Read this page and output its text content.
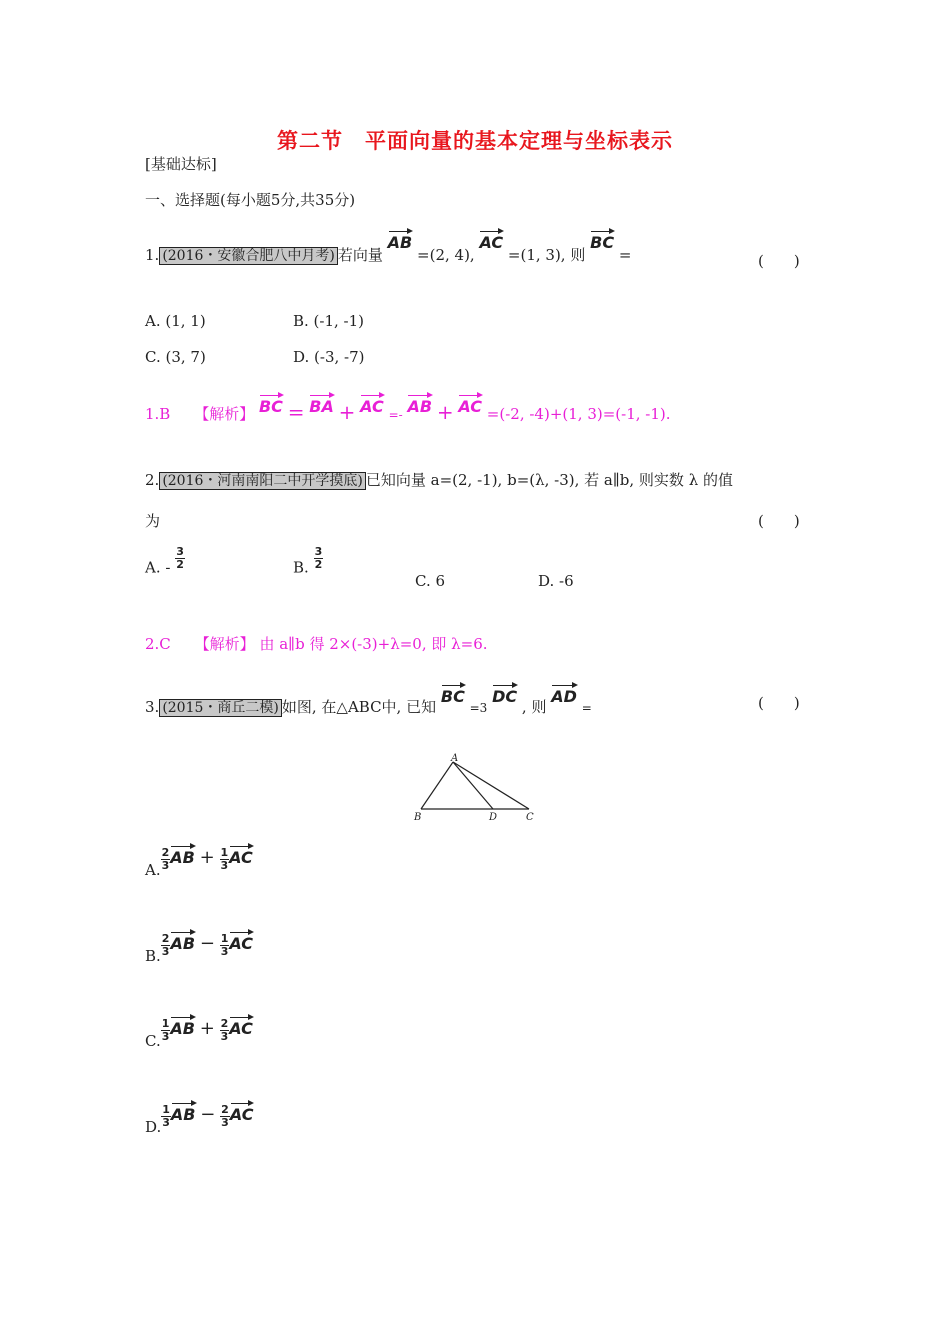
第二节　平面向量的基本定理与坐标表示
[基础达标]
一、选择题(每小题5分,共35分)
1. (2016・安徽合肥八中月考) 若向量 AB =(2, 4), AC =(1, 3), 则 BC =	(　　)
A. (1, 1)	B. (-1, -1)
C. (3, 7)	D. (-3, -7)
1.B 【解析】 BC = BA + AC =- AB + AC =(-2, -4)+(1, 3)=(-1, -1).
2. (2016・河南南阳二中开学摸底) 已知向量 a=(2, -1), b=(λ, -3), 若 a∥b, 则实数 λ 的值
为	(　　)
A. - $\frac{3}{2}$	B. $\frac{3}{2}$
C. 6	D. -6
2.C 【解析】 由 a∥b 得 2×(-3)+λ=0, 即 λ=6.
3. (2015・商丘二模) 如图, 在△ABC中, 已知 BC =3 DC , 则 AD =	(　　)
A
B	D	C
A. $\frac{2}{3}$ AB + $\frac{1}{3}$ AC
B. $\frac{2}{3}$ AB − $\frac{1}{3}$ AC
C. $\frac{1}{3}$ AB + $\frac{2}{3}$ AC
D. $\frac{1}{3}$ AB − $\frac{2}{3}$ AC
